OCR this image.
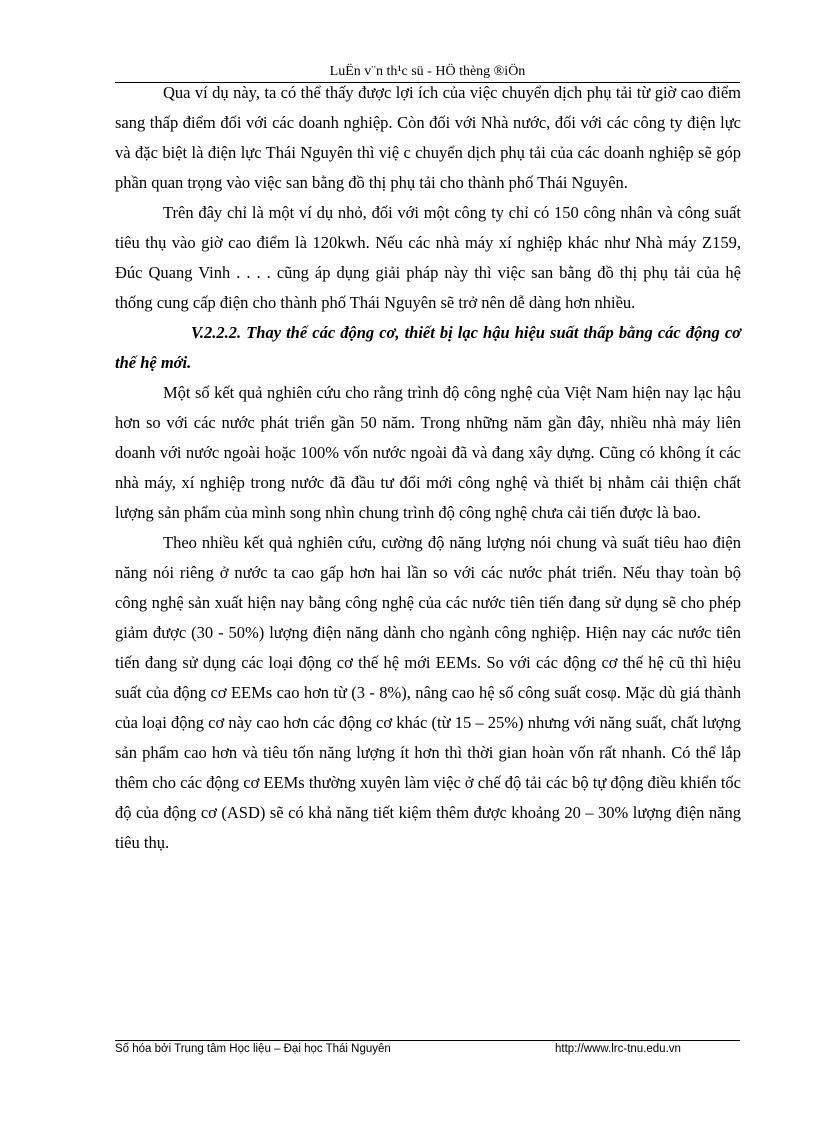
LuËn v¨n th¹c sü - HÖ thèng ®iÖn

Qua ví dụ này, ta có thể thấy được lợi ích của việc chuyển dịch phụ tải từ giờ cao điểm sang thấp điểm đối với các doanh nghiệp. Còn đối với Nhà nước, đối với các công ty điện lực và đặc biệt là điện lực Thái Nguyên thì việ c chuyển dịch phụ tải của các doanh nghiệp sẽ góp phần quan trọng vào việc san bằng đồ thị phụ tải cho thành phố Thái Nguyên.

Trên đây chỉ là một ví dụ nhỏ, đối với một công ty chỉ có 150 công nhân và công suất tiêu thụ vào giờ cao điểm là 120kwh. Nếu các nhà máy xí nghiệp khác như Nhà máy Z159, Đúc Quang Vinh . . . . cũng áp dụng giải pháp này thì việc san bằng đồ thị phụ tải của hệ thống cung cấp điện cho thành phố Thái Nguyên sẽ trở nên dễ dàng hơn nhiều.

V.2.2.2. Thay thế các động cơ, thiết bị lạc hậu hiệu suất thấp bằng các động cơ thế hệ mới.

Một số kết quả nghiên cứu cho rằng trình độ công nghệ của Việt Nam hiện nay lạc hậu hơn so với các nước phát triển gần 50 năm. Trong những năm gần đây, nhiều nhà máy liên doanh với nước ngoài hoặc 100% vốn nước ngoài đã và đang xây dựng. Cũng có không ít các nhà máy, xí nghiệp trong nước đã đầu tư đổi mới công nghệ và thiết bị nhằm cải thiện chất lượng sản phẩm của mình song nhìn chung trình độ công nghệ chưa cải tiến được là bao.

Theo nhiều kết quả nghiên cứu, cường độ năng lượng nói chung và suất tiêu hao điện năng nói riêng ở nước ta cao gấp hơn hai lần so với các nước phát triển. Nếu thay toàn bộ công nghệ sản xuất hiện nay bằng công nghệ của các nước tiên tiến đang sử dụng sẽ cho phép giảm được (30 - 50%) lượng điện năng dành cho ngành công nghiệp. Hiện nay các nước tiên tiến đang sử dụng các loại động cơ thế hệ mới EEMs. So với các động cơ thế hệ cũ thì hiệu suất của động cơ EEMs cao hơn từ (3 - 8%), nâng cao hệ số công suất cosφ. Mặc dù giá thành của loại động cơ này cao hơn các động cơ khác (từ 15 – 25%) nhưng với năng suất, chất lượng sản phẩm cao hơn và tiêu tốn năng lượng ít hơn thì thời gian hoàn vốn rất nhanh. Có thể lắp thêm cho các động cơ EEMs thường xuyên làm việc ở chế độ tải các bộ tự động điều khiển tốc độ của động cơ (ASD) sẽ có khả năng tiết kiệm thêm được khoảng 20 – 30% lượng điện năng tiêu thụ.

Số hóa bởi Trung tâm Học liệu – Đại học Thái Nguyên	http://www.lrc-tnu.edu.vn
